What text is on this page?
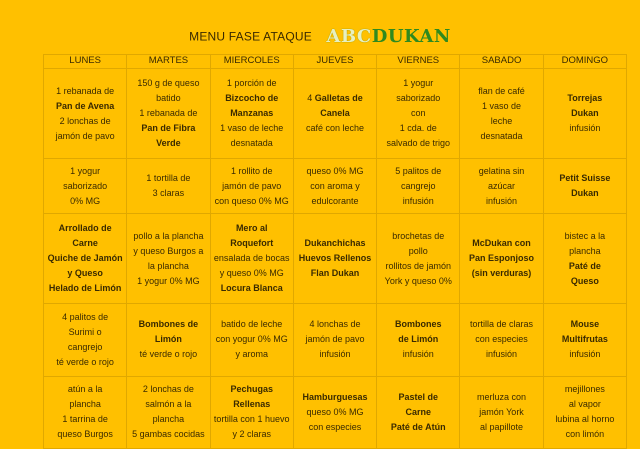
MENU FASE ATAQUE ABCDUKAN
LUNES	MARTES	MIERCOLES	JUEVES	VIERNES	SABADO	DOMINGO

1 rebanada de
Pan de Avena
2 lonchas de
jamón de pavo	150 g de queso
batido
1 rebanada de
Pan de Fibra Verde	1 porción de
Bizcocho de
Manzanas
1 vaso de leche
desnatada	4 Galletas de
Canela
café con leche	1 yogur
saborizado
con
1 cda. de
salvado de trigo	flan de café
1 vaso de
leche
desnatada	Torrejas
Dukan
infusión

1 yogur
saborizado
0% MG	1 tortilla de
3 claras	1 rollito de
jamón de pavo
con queso 0% MG	queso 0% MG
con aroma y
edulcorante	5 palitos de
cangrejo
infusión	gelatina sin
azúcar
infusión	Petit Suisse
Dukan

Arrollado de
Carne
Quiche de Jamón
y Queso
Helado de Limón	pollo a la plancha
y queso Burgos a
la plancha
1 yogur 0% MG	Mero al
Roquefort
ensalada de bocas
y queso 0% MG
Locura Blanca	Dukanchichas
Huevos Rellenos
Flan Dukan	brochetas de
pollo
rollitos de jamón
York y queso 0%	McDukan con
Pan Esponjoso
(sin verduras)	bistec a la
plancha
Paté de
Queso

4 palitos de
Surimi o
cangrejo
té verde o rojo	Bombones de
Limón
té verde o rojo	batido de leche
con yogur 0% MG
y aroma	4 lonchas de
jamón de pavo
infusión	Bombones
de Limón
infusión	tortilla de claras
con especies
infusión	Mouse
Multifrutas
infusión

atún a la
plancha
1 tarrina de
queso Burgos	2 lonchas de
salmón a la
plancha
5 gambas cocidas	Pechugas
Rellenas
tortilla con 1 huevo
y 2 claras	Hamburguesas
queso 0% MG
con especies	Pastel de
Carne
Paté de Atún	merluza con
jamón York
al papillote	mejillones
al vapor
lubina al horno
con limón
